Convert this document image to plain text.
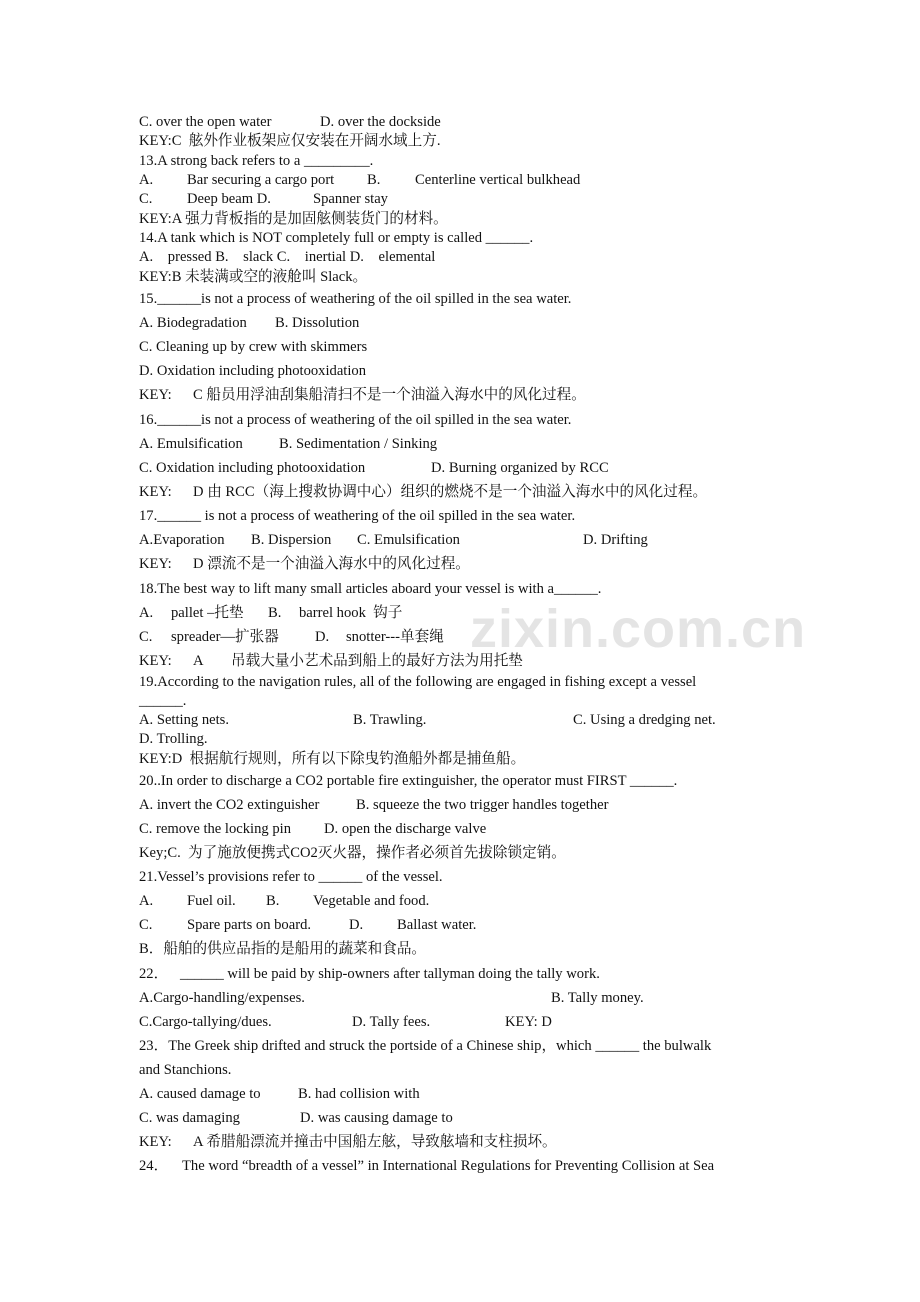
zixin.com.cn
C. over the open water	D. over the dockside
KEY:C  舷外作业板架应仅安装在开阔水域上方.
13.A strong back refers to a _________.
A. Bar securing a cargo port B. Centerline vertical bulkhead
C. Deep beam D.	Spanner stay
KEY:A 强力背板指的是加固舷侧装货门的材料。
14.A tank which is NOT completely full or empty is called ______.
A.    pressed B.    slack C.    inertial D.    elemental
KEY:B 未装满或空的液舱叫 Slack。
15.______is not a process of weathering of the oil spilled in the sea water.
A. Biodegradation B. Dissolution
C. Cleaning up by crew with skimmers
D. Oxidation including photooxidation
KEY: C 船员用浮油刮集船清扫不是一个油溢入海水中的风化过程。
16.______is not a process of weathering of the oil spilled in the sea water.
A. Emulsification B. Sedimentation / Sinking
C. Oxidation including photooxidation	D. Burning organized by RCC
KEY: D 由 RCC（海上搜救协调中心）组织的燃烧不是一个油溢入海水中的风化过程。
17.______ is not a process of weathering of the oil spilled in the sea water.
A.Evaporation B. Dispersion C. Emulsification	D. Drifting
KEY: D 漂流不是一个油溢入海水中的风化过程。
18.The best way to lift many small articles aboard your vessel is with a______.
A. pallet –托垫 B. barrel hook  钩子
C. spreader—扩张器 D. snotter---单套绳
KEY: A 吊载大量小艺术品到船上的最好方法为用托垫
19.According to the navigation rules, all of the following are engaged in fishing except a vessel
______.
A. Setting nets.	B. Trawling.	C. Using a dredging net.
D. Trolling.
KEY:D  根据航行规则，所有以下除曳钓渔船外都是捕鱼船。
20..In order to discharge a CO2 portable fire extinguisher, the operator must FIRST ______.
A. invert the CO2 extinguisher	B. squeeze the two trigger handles together
C. remove the locking pin D. open the discharge valve
Key;C.  为了施放便携式CO2灭火器，操作者必须首先拔除锁定销。
21.Vessel’s provisions refer to ______ of the vessel.
A. Fuel oil. B. Vegetable and food.
C. Spare parts on board.	D. Ballast water.
B．船舶的供应品指的是船用的蔬菜和食品。
22． ______ will be paid by ship-owners after tallyman doing the tally work.
A.Cargo-handling/expenses.	B. Tally money.
C.Cargo-tallying/dues.	D. Tally fees.	KEY: D
23．The Greek ship drifted and struck the portside of a Chinese ship，which ______ the bulwalk
and Stanchions.
A. caused damage to	B. had collision with
C. was damaging	D. was causing damage to
KEY: A 希腊船漂流并撞击中国船左舷，导致舷墙和支柱损坏。
24． The word “breadth of a vessel” in International Regulations for Preventing Collision at Sea
